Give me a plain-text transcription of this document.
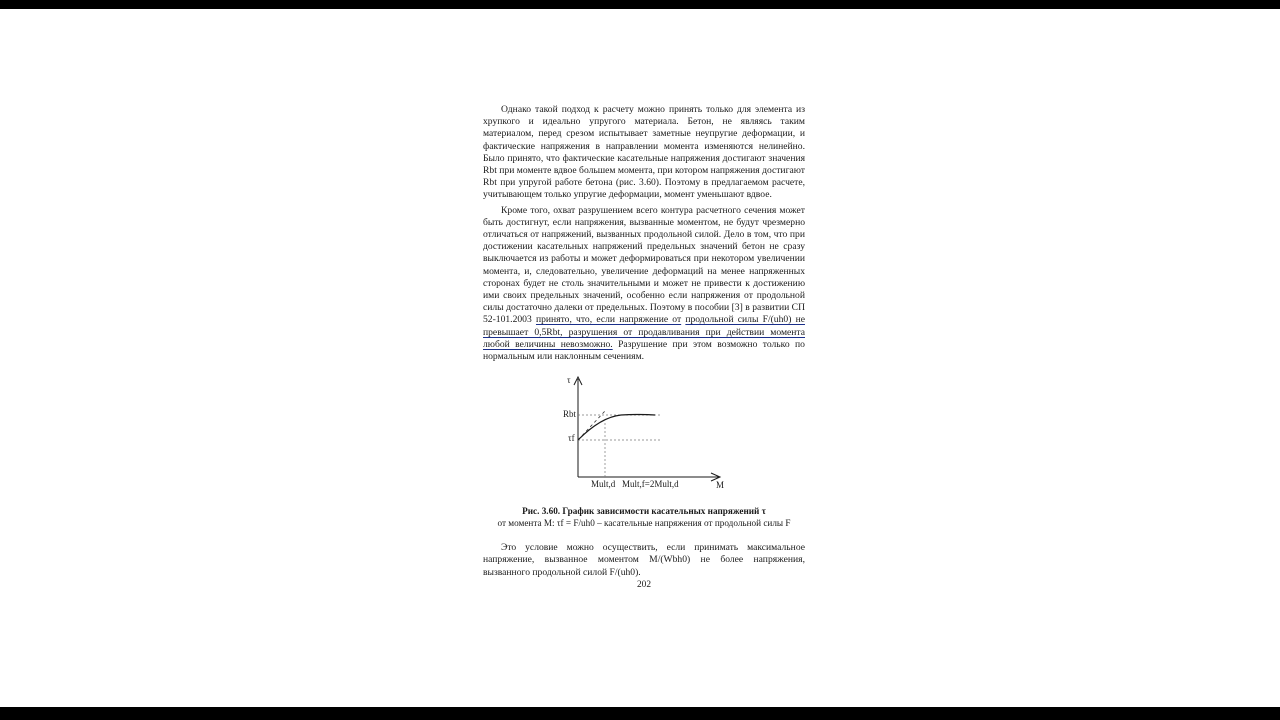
Однако такой подход к расчету можно принять только для элемента из хрупкого и идеально упругого материала. Бетон, не являясь таким материалом, перед срезом испытывает заметные неупругие деформации, и фактические напряжения в направлении момента изменяются нелинейно. Было принято, что фактические касательные напряжения достигают значения Rbt при моменте вдвое большем момента, при котором напряжения достигают Rbt при упругой работе бетона (рис. 3.60). Поэтому в предлагаемом расчете, учитывающем только упругие деформации, момент уменьшают вдвое.

Кроме того, охват разрушением всего контура расчетного сечения может быть достигнут, если напряжения, вызванные моментом, не будут чрезмерно отличаться от напряжений, вызванных продольной силой. Дело в том, что при достижении касательных напряжений предельных значений бетон не сразу выключается из работы и может деформироваться при некотором увеличении момента, и, следовательно, увеличение деформаций на менее напряженных сторонах будет не столь значительными и может не привести к достижению ими своих предельных значений, особенно если напряжения от продольной силы достаточно далеки от предельных. Поэтому в пособии [3] в развитии СП 52-101.2003 принято, что, если напряжение от продольной силы F/(uh0) не превышает 0,5Rbt, разрушения от продавливания при действии момента любой величины невозможно. Разрушение при этом возможно только по нормальным или наклонным сечениям.

τ
M
Rbt
τf
Mult,d Mult,f=2Mult,d
Рис. 3.60. График зависимости касательных напряжений τ
от момента M: τf = F/uh0 – касательные напряжения от продольной силы F

Это условие можно осуществить, если принимать максимальное напряжение, вызванное моментом M/(Wbh0) не более напряжения, вызванного продольной силой F/(uh0).

202
